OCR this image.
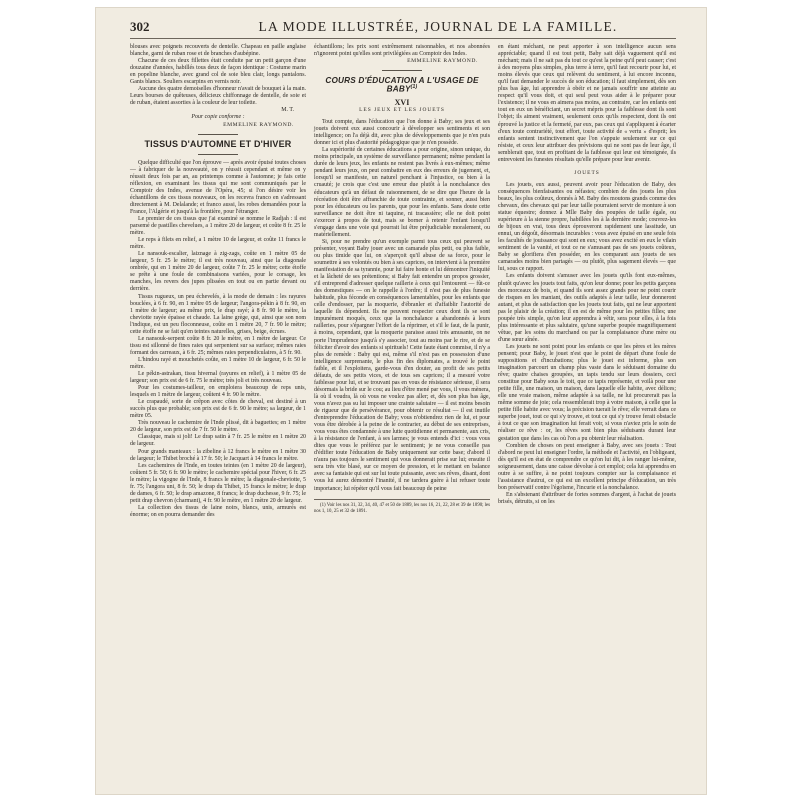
302	LA MODE ILLUSTRÉE, JOURNAL DE LA FAMILLE.

blouses avec poignets recouverts de dentelle. Chapeau en paille anglaise blanche, garni de ruban rose et de branches d'aubépine.

Chacune de ces deux fillettes était conduite par un petit garçon d'une douzaine d'années, habillés tous deux de façon identique : Costume marin en popeline blanche, avec grand col de soie bleu clair, longs pantalons. Gants blancs. Souliers escarpins en vernis noir.

Aucune des quatre demoiselles d'honneur n'avait de bouquet à la main. Leurs bourses de quêteuses, délicieux chiffonnage de dentelle, de soie et de ruban, étaient assorties à la couleur de leur toilette.

M. T.

Pour copie conforme :

EMMELINE RAYMOND.

TISSUS D'AUTOMNE ET D'HIVER

Quelque difficulté que l'on éprouve — après avoir épuisé toutes choses — à fabriquer de la nouveauté, on y réussit cependant et même on y réussit deux fois par an, au printemps comme à l'automne; je fais cette réflexion, en examinant les tissus qui me sont communiqués par le Comptoir des Indes, avenue de l'Opéra, 45; si l'on désire voir les échantillons de ces tissus nouveaux, on les recevra franco en s'adressant directement à M. Delalande; et franco aussi, les robes demandées pour la France, l'Algérie et jusqu'à la frontière, pour l'étranger.

Le premier de ces tissus que j'ai examiné se nomme le Radjah : il est parsemé de pastilles chevelues, a 1 mètre 20 de largeur, et coûte 8 fr. 25 le mètre.

Le reps à filets en relief, a 1 mètre 10 de largeur, et coûte 11 francs le mètre.

Le nansouk-escalier, laiznage à zig-zags, coûte en 1 mètre 05 de largeur, 5 fr. 25 le mètre; il est très nouveau, ainsi que la diagonale ombrée, qui en 1 mètre 20 de largeur, coûte 7 fr. 25 le mètre; cette étoffe se prête à une foule de combinaisons variées, pour le corsage, les manches, les revers des jupes plissées en tout ou en partie devant ou derrière.

Tissus rugueux, un peu échevelés, à la mode de demain : les rayures bouclées, à 6 fr. 90, en 1 mètre 05 de largeur; l'angora-pékin à 8 fr. 90, en 1 mètre de largeur; au même prix, le drap rayé; à 8 fr. 90 le mètre, la cheviotte rayée épaisse et chaude. La laine grège, qui, ainsi que son nom l'indique, est un peu floconneuse, coûte en 1 mètre 20, 7 fr. 90 le mètre; cette étoffe ne se fait qu'en teintes naturelles, grises, beige, écrues.

Le nansouk-serpent coûte 8 fr. 20 le mètre, en 1 mètre de largeur. Ce tissu est sillonné de fines raies qui serpentent sur sa surface; mêmes raies formant des carreaux, à 6 fr. 25; mêmes raies perpendiculaires, à 5 fr. 90.

L'hindou rayé et mouchetés coûte, en 1 mètre 10 de largeur, 6 fr. 50 le mètre.

Le pékin-astrakan, tissu hivernal (rayures en relief), à 1 mètre 05 de largeur; son prix est de 6 fr. 75 le mètre; très joli et très nouveau.

Pour les costumes-tailleur, on emploiera beaucoup de reps unis, lesquels en 1 mètre de largeur, coûtent 4 fr. 90 le mètre.

Le crapaudé, sorte de crêpon avec côtes de cheval, est destiné à un succès plus que probable; son prix est de 6 fr. 90 le mètre; sa largeur, de 1 mètre 05.

Très nouveau le cachemire de l'Inde plissé, dit à baguettes; en 1 mètre 20 de largeur, son prix est de 7 fr. 50 le mètre.

Classique, mais si joli! Le drap satin à 7 fr. 25 le mètre en 1 mètre 20 de largeur.

Pour grands manteaux : la zibeline à 12 francs le mètre en 1 mètre 30 de largeur; le Thibet broché à 17 fr. 50; le Jacquart à 14 francs le mètre.

Les cachemires de l'Inde, en toutes teintes (en 1 mètre 20 de largeur), coûtent 5 fr. 50; 6 fr. 90 le mètre; le cachemire spécial pour l'hiver, 6 fr. 25 le mètre; la vigogne de l'Inde, 8 francs le mètre; la diagonale-cheviotte, 5 fr. 75; l'angora uni, 8 fr. 50; le drap du Thibet, 15 francs le mètre; le drap de dames, 6 fr. 50; le drap amazone, 8 francs; le drap duchesse, 9 fr. 75; le petit drap chevron (charmant), 4 fr. 90 le mètre, en 1 mètre 20 de largeur.

La collection des tissus de laine noirs, blancs, unis, armurés est énorme; on en pourra demander des

échantillons; les prix sont extrêmement raisonnables, et nos abonnées n'ignorent point qu'elles sont privilégiées au Comptoir des Indes.

EMMELINE RAYMOND.

COURS D'ÉDUCATION A L'USAGE DE BABY$^{(1)}$
XVI
LES JEUX ET LES JOUETS

Tout compte, dans l'éducation que l'on donne à Baby; ses jeux et ses jouets doivent eux aussi concourir à développer ses sentiments et son intelligence; on l'a déjà dit, avec plus de développements que je n'en puis donner ici et plus d'autorité pédagogique que je n'en possède.

La supériorité de certaines éducations a pour origine, sinon unique, du moins principale, un système de surveillance permanent; même pendant la durée de leurs jeux, les enfants ne restent pas livrés à eux-mêmes; même pendant leurs jeux, on peut combattre en eux des erreurs de jugement, et, lorsqu'il se manifeste, un naturel penchant à l'injustice, ou bien à la cruauté; je crois que c'est une erreur due plutôt à la nonchalance des éducateurs qu'à un défaut de raisonnement, de se dire que l'heure de la récréation doit être affranchie de toute contrainte, et sonner, aussi bien pour les éducateurs ou les parents, que pour les enfants. Sans doute cette surveillance ne doit être ni taquine, ni tracassière; elle ne doit point s'exercer à propos de tout, mais se borner à retenir l'enfant lorsqu'il s'engage dans une voie qui pourrait lui être préjudiciable moralement, ou matériellement.

Si, pour ne prendre qu'un exemple parmi tous ceux qui peuvent se présenter, voyant Baby jouer avec un camarade plus petit, ou plus faible, ou plus timide que lui, on s'aperçoit qu'il abuse de sa force, pour le soumettre à ses volontés ou bien à ses caprices, on intervient à la première manifestation de sa tyrannie, pour lui faire honte et lui démontrer l'iniquité et la lâcheté de ses prétentions; si Baby fait entendre un propos grossier, s'il entreprend d'adresser quelque raillerie à ceux qui l'entourent — fût-ce des domestiques — on le rappelle à l'ordre; il n'est pas de plus funeste habitude, plus féconde en conséquences lamentables, pour les enfants que celle d'endosser, par la moquerie, d'ébranler et d'affaiblir l'autorité de laquelle ils dépendent. Ils ne peuvent respecter ceux dont ils se sont impunément moqués, ceux que la nonchalance a abandonnés à leurs railleries, pour s'épargner l'effort de la réprimer, et s'il le faut, de la punir, à moins, cependant, que la moquerie paraisse aussi très amusante, on ne porte l'imprudence jusqu'à s'y associer, tout au moins par le rire, et de se féliciter d'avoir des enfants si spirituels! Cette faute étant commise, il n'y a plus de remède : Baby qui est, même s'il n'est pas en possession d'une intelligence surprenante, le plus fin des diplomates, a trouvé le point faible, et il l'exploitera, garde-vous d'en douter, au profit de ses petits défauts, de ses petits vices, et de tous ses caprices; il a mesuré votre faiblesse pour lui, et se trouvant pas en vous de résistance sérieuse, il sera désormais la bride sur le cou; au lieu d'être mené par vous, il vous mènera, là où il voudra, là où vous ne voulez pas aller; et, dès son plus bas âge, vous n'avez pas su lui imposer une crainte salutaire — il est moins besoin de rigueur que de persévérance, pour obtenir ce résultat — il est inutile d'entreprendre l'éducation de Baby; vous n'obtiendrez rien de lui, et pour vous être dérobée à la peine de le contrarier, au début de ses entreprises, vous vous êtes condamnée à une lutte quotidienne et permanente, aux cris, à la résistance de l'enfant, à ses larmes; je vous entends d'ici : vous vous dites que vous le préférez par le sentiment; je ne vous conseille pas d'édifier toute l'éducation de Baby uniquement sur cette base; d'abord il n'aura pas toujours le sentiment qui vous donnerait prise sur lui; ensuite il sera très vite blasé, sur ce moyen de pression, et le mettant en balance avec sa fantaisie qui est sur lui toute puissante, avec ses rêves, disant, dont vous lui aurez démontré l'inanité, il ne tardera guère à lui refuser toute importance; lui répéter qu'il vous fait beaucoup de peine

(1) Voir les nos 31, 32, 34, 40, 47 et 50 de 1889, les nos 16, 21, 22, 28 et 39 de 1890; les nos 1, 10, 25 et 32 de 1891.

en étant méchant, ne peut apporter à son intelligence aucun sens appréciable; quand il est tout petit, Baby sait déjà vaguement qu'il est méchant; mais il ne sait pas du tout ce qu'est la peine qu'il peut causer; c'est à des moyens plus simples, plus terre à terre, qu'il faut recourir pour lui, et moins élevés que ceux qui relèvent du sentiment, à lui encore inconnu, qu'il faut demander le succès de son éducation; il faut simplement, dès son plus bas âge, lui apprendre à obéir et ne jamais souffrir une atteinte au respect qu'il vous doit, et qui seul peut vous aider à le préparer pour l'existence; il ne vous en aimera pas moins, au contraire, car les enfants ont tout en eux un bénéficiant, un secret mépris pour la faiblesse dont ils sont l'objet; ils aiment vraiment, seulement ceux qu'ils respectent, dont ils ont éprouvé la justice et la fermeté, par eux, pas ceux qui s'appliquent à écarter d'eux toute contrariété, tout effort, toute activité de « vertu » d'esprit; les enfants sentent instinctivement que l'on s'appuie seulement sur ce qui résiste, et ceux leur attribuer des prévisions qui ne sont pas de leur âge, il semblerait que, tout en profitant de la faiblesse qui leur est témoignée, ils entrevoient les funestes résultats qu'elle prépare pour leur avenir.

JOUETS

Les jouets, eux aussi, peuvent avoir pour l'éducation de Baby, des conséquences bienfaisantes ou néfastes; combien de des jouets les plus beaux, les plus coûteux, donnés à M. Baby des moutons grands comme des chevaux, des chevaux qui par leur taille pourraient servir de monture à son statue équestre; donnez à Mlle Baby des poupées de taille égale, ou supérieure à la sienne propre, habillées les à la dernière mode; couvrez-les de bijoux en vrai, tous deux éprouveront rapidement une lassitude, un ennui, un dégoût, désormais incurables : vous avez épuisé en une seule fois les facultés de jouissance qui sont en eux; vous avez excité en eux le vilain sentiment de la vanité, et tout ce ne s'amusant pas de ses jouets coûteux, Baby se glorifiera d'en posséder, en les comparant aux jouets de ses camarades moins bien partagés — ou plutôt, plus sagement élevés — que lui, sous ce rapport.

Les enfants doivent s'amuser avec les jouets qu'ils font eux-mêmes, plutôt qu'avec les jouets tout faits, qu'on leur donne; pour les petits garçons des morceaux de bois, et quand ils sont assez grands pour ne point courir de risques en les maniant, des outils adaptés à leur taille, leur donneront autant, et plus de satisfaction que les jouets tout faits, qui ne leur apportent pas le plaisir de la création; il en est de même pour les petites filles; une poupée très simple, qu'on leur apprendra à vêtir, sera pour elles, à la fois plus intéressante et plus salutaire, qu'une superbe poupée magnifiquement vêtue, par les soins du marchand ou par la complaisance d'une mère ou d'une sœur aînée.

Les jouets ne sont point pour les enfants ce que les pères et les mères pensent; pour Baby, le jouet n'est que le point de départ d'une foule de suppositions et d'incubations; plus le jouet est informe, plus son imagination parcourt un champ plus vaste dans le séduisant domaine du rêve; quatre chaises groupées, un tapis tendu sur leurs dossiers, ceci constitue pour Baby sous le toit, que ce tapis représente, et voilà pour une petite fille, une maison, un maison, dans laquelle elle habite, avec délices; elle une vraie maison, même adaptée à sa taille, ne lui procurerait pas la même somme de joie; cela ressemblerait trop à votre maison, à celle que la petite fille habite avec vous; la précision tuerait le rêve; elle verrait dans ce superbe jouet, tout ce qui s'y trouve, et tout ce qui s'y trouve ferait obstacle à tout ce que son imagination lui ferait voir, si vous n'aviez pris le soin de réaliser ce rêve : or, les rêves sont bien plus séduisants durant leur gestation que dans les cas où l'on a pu obtenir leur réalisation.

Combien de choses on peut enseigner à Baby, avec ses jouets : Tout d'abord ne peut lui enseigner l'ordre, la méthode et l'activité, en l'obligeant, dès qu'il est en état de comprendre ce qu'on lui dit, à les ranger lui-même, soigneusement, dans une caisse dévolue à cet emploi; cela lui apprendra en outre à se suffire, à ne point toujours compter sur la complaisance et l'assistance d'autrui, ce qui est un excellent principe d'éducation, un très bon préservatif contre l'égoïsme, l'incurie et la nonchalance.

En s'abstenant d'attribuer de fortes sommes d'argent, à l'achat de jouets brisés, détruits, si on les
